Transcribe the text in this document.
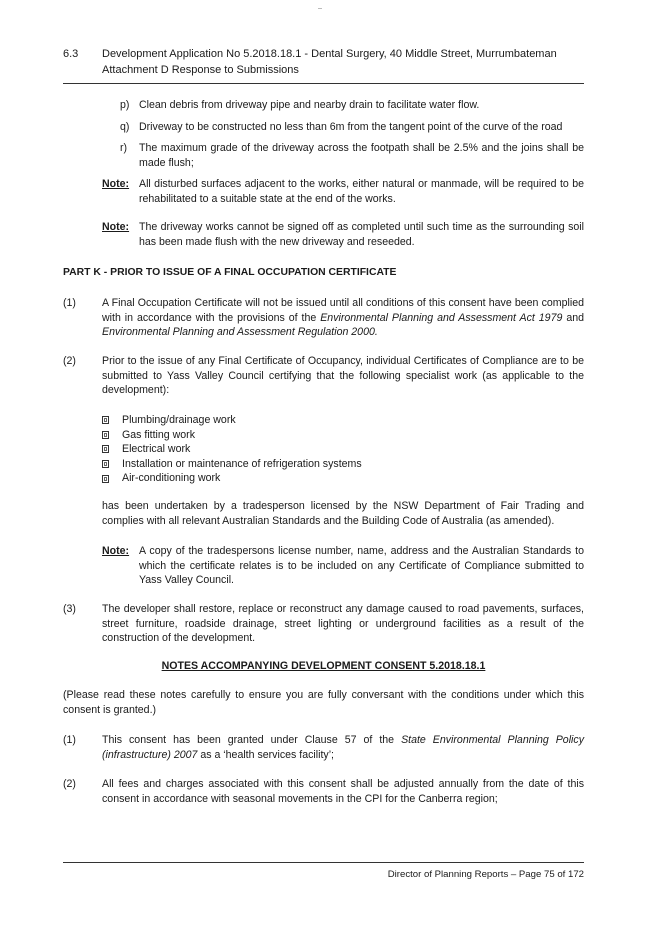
6.3 Development Application No 5.2018.18.1 - Dental Surgery, 40 Middle Street, Murrumbateman
Attachment D Response to Submissions
p) Clean debris from driveway pipe and nearby drain to facilitate water flow.
q) Driveway to be constructed no less than 6m from the tangent point of the curve of the road
r) The maximum grade of the driveway across the footpath shall be 2.5% and the joins shall be made flush;
Note: All disturbed surfaces adjacent to the works, either natural or manmade, will be required to be rehabilitated to a suitable state at the end of the works.
Note: The driveway works cannot be signed off as completed until such time as the surrounding soil has been made flush with the new driveway and reseeded.
PART K - PRIOR TO ISSUE OF A FINAL OCCUPATION CERTIFICATE
(1) A Final Occupation Certificate will not be issued until all conditions of this consent have been complied with in accordance with the provisions of the Environmental Planning and Assessment Act 1979 and Environmental Planning and Assessment Regulation 2000.
(2) Prior to the issue of any Final Certificate of Occupancy, individual Certificates of Compliance are to be submitted to Yass Valley Council certifying that the following specialist work (as applicable to the development):
Plumbing/drainage work
Gas fitting work
Electrical work
Installation or maintenance of refrigeration systems
Air-conditioning work
has been undertaken by a tradesperson licensed by the NSW Department of Fair Trading and complies with all relevant Australian Standards and the Building Code of Australia (as amended).
Note: A copy of the tradespersons license number, name, address and the Australian Standards to which the certificate relates is to be included on any Certificate of Compliance submitted to Yass Valley Council.
(3) The developer shall restore, replace or reconstruct any damage caused to road pavements, surfaces, street furniture, roadside drainage, street lighting or underground facilities as a result of the construction of the development.
NOTES ACCOMPANYING DEVELOPMENT CONSENT 5.2018.18.1
(Please read these notes carefully to ensure you are fully conversant with the conditions under which this consent is granted.)
(1) This consent has been granted under Clause 57 of the State Environmental Planning Policy (infrastructure) 2007 as a ‘health services facility’;
(2) All fees and charges associated with this consent shall be adjusted annually from the date of this consent in accordance with seasonal movements in the CPI for the Canberra region;
Director of Planning Reports – Page 75 of 172
